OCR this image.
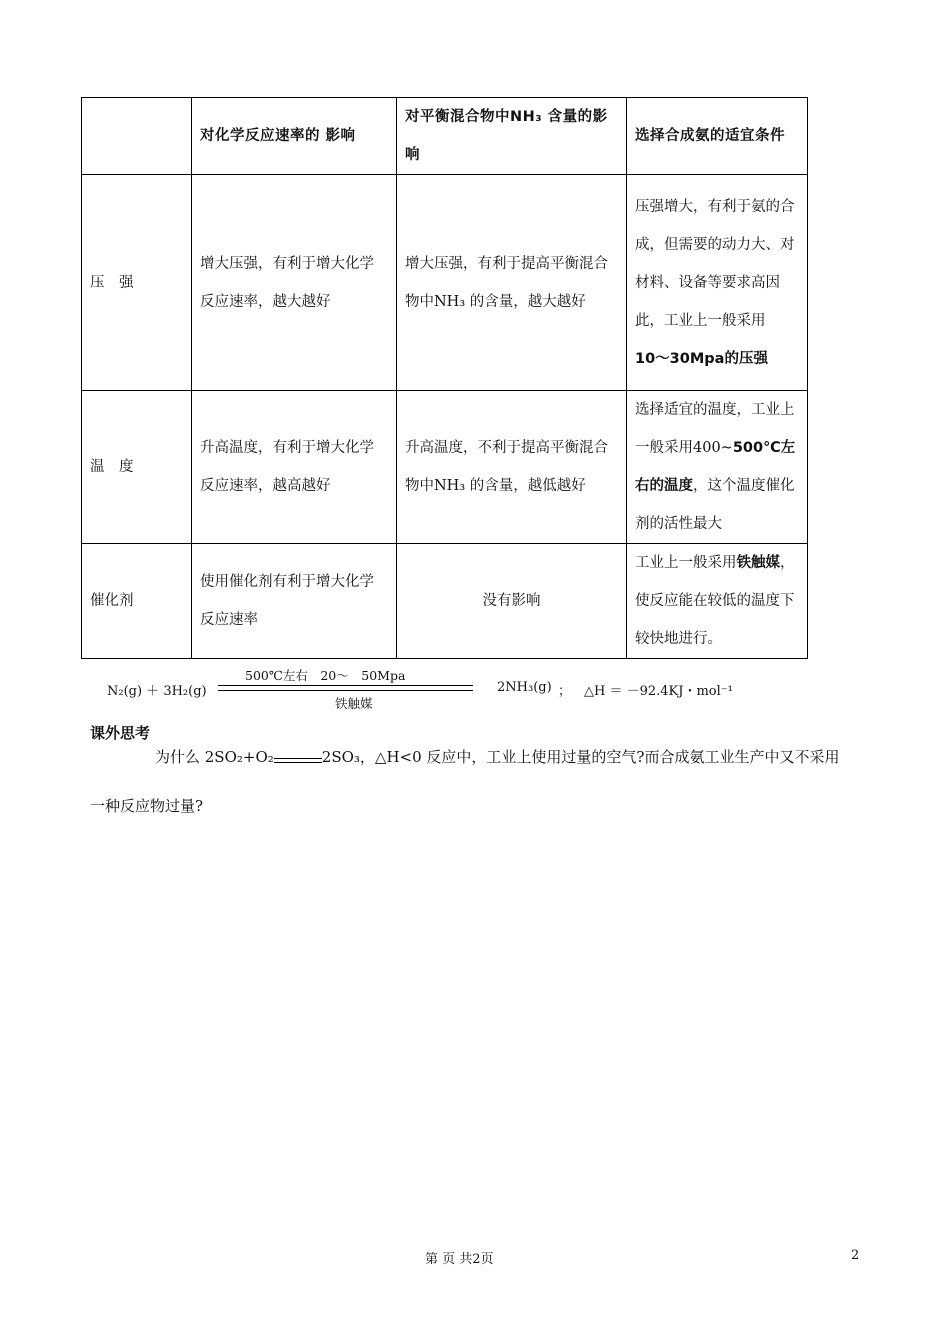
	对化学反应速率的 影响	对平衡混合物中NH₃ 含量的影响	选择合成氨的适宜条件
压　强	增大压强，有利于增大化学反应速率，越大越好	增大压强，有利于提高平衡混合物中NH₃ 的含量，越大越好	压强增大，有利于氨的合成，但需要的动力大、对材料、设备等要求高因此，工业上一般采用
10～30Mpa的压强
温　度	升高温度，有利于增大化学反应速率，越高越好	升高温度，不利于提高平衡混合物中NH₃ 的含量，越低越好	选择适宜的温度，工业上一般采用400~500℃左右的温度，这个温度催化剂的活性最大
催化剂	使用催化剂有利于增大化学反应速率	没有影响	工业上一般采用铁触媒，使反应能在较低的温度下较快地进行。
N₂(g) ＋ 3H₂(g)
500℃左右　20～　50Mpa
铁触媒
2NH₃(g) ； △H ＝ －92.4KJ・mol⁻¹
课外思考
为什么 2SO₂+O₂	2SO₃，△H<0 反应中，工业上使用过量的空气?而合成氨工业生产中又不采用
一种反应物过量?
第 页 共2页	2
